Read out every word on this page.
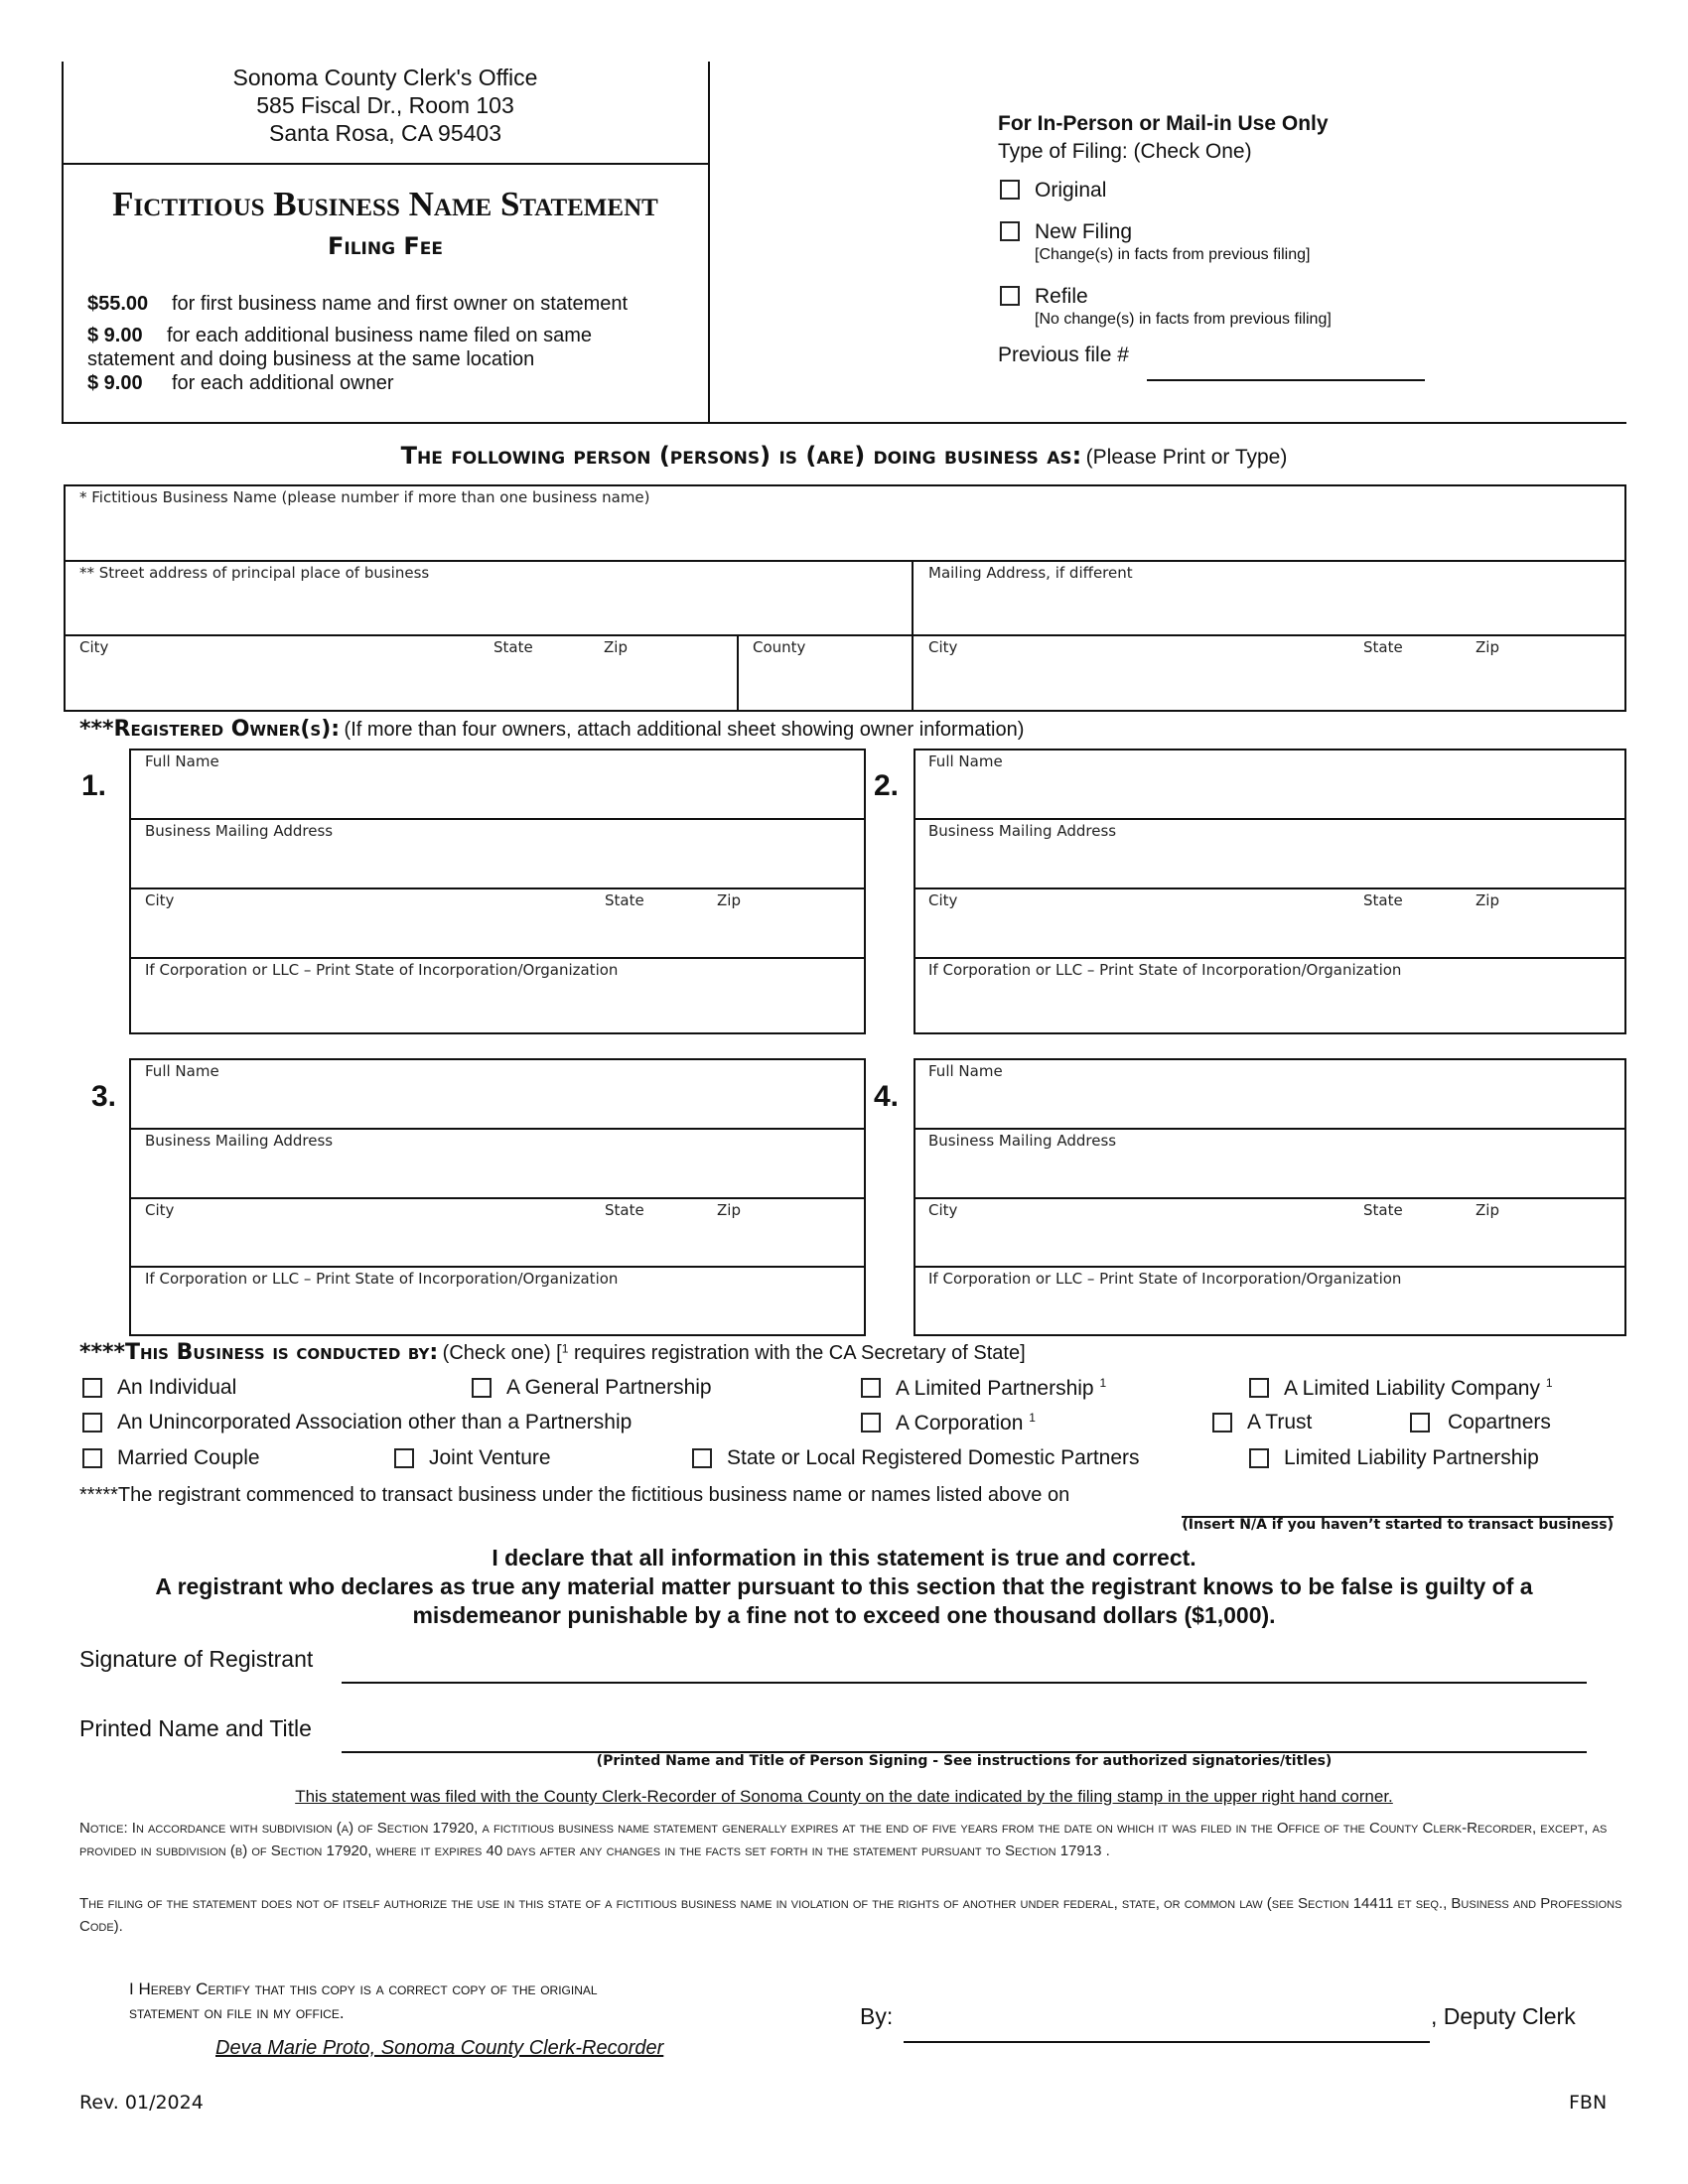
Sonoma County Clerk's Office
585 Fiscal Dr., Room 103
Santa Rosa, CA 95403
Fictitious Business Name Statement
Filing Fee
$55.00 for first business name and first owner on statement
$ 9.00 for each additional business name filed on same
statement and doing business at the same location
$ 9.00 for each additional owner
For In-Person or Mail-in Use Only
Type of Filing: (Check One)
Original
New Filing
[Change(s) in facts from previous filing]
Refile
[No change(s) in facts from previous filing]
Previous file #
The following person (persons) is (are) doing business as: (Please Print or Type)
* Fictitious Business Name (please number if more than one business name)
** Street address of principal place of business	Mailing Address, if different
City	State	Zip	County	City	State	Zip
***Registered Owner(s): (If more than four owners, attach additional sheet showing owner information)
1.
Full Name
Business Mailing Address
City	State	Zip
If Corporation or LLC – Print State of Incorporation/Organization
2.
Full Name
Business Mailing Address
City	State	Zip
If Corporation or LLC – Print State of Incorporation/Organization
3.
Full Name
Business Mailing Address
City	State	Zip
If Corporation or LLC – Print State of Incorporation/Organization
4.
Full Name
Business Mailing Address
City	State	Zip
If Corporation or LLC – Print State of Incorporation/Organization
****This Business is conducted by: (Check one) [$^1$ requires registration with the CA Secretary of State]
An Individual	A General Partnership	A Limited Partnership $^1$	A Limited Liability Company $^1$
An Unincorporated Association other than a Partnership	A Corporation $^1$	A Trust	Copartners
Married Couple	Joint Venture	State or Local Registered Domestic Partners	Limited Liability Partnership
*****The registrant commenced to transact business under the fictitious business name or names listed above on
(Insert N/A if you haven’t started to transact business)
I declare that all information in this statement is true and correct.
A registrant who declares as true any material matter pursuant to this section that the registrant knows to be false is guilty of a
misdemeanor punishable by a fine not to exceed one thousand dollars ($1,000).
Signature of Registrant
Printed Name and Title
(Printed Name and Title of Person Signing - See instructions for authorized signatories/titles)
This statement was filed with the County Clerk-Recorder of Sonoma County on the date indicated by the filing stamp in the upper right hand corner.
Notice: In accordance with subdivision (a) of Section 17920, a fictitious business name statement generally expires at the end of five years from the date on which it was filed in the Office of the County Clerk-Recorder, except, as provided in subdivision (b) of Section 17920, where it expires 40 days after any changes in the facts set forth in the statement pursuant to Section 17913 .
The filing of the statement does not of itself authorize the use in this state of a fictitious business name in violation of the rights of another under federal, state, or common law (see Section 14411 et seq., Business and Professions Code).
I Hereby Certify that this copy is a correct copy of the original
statement on file in my office.
Deva Marie Proto, Sonoma County Clerk-Recorder
By:	, Deputy Clerk
Rev. 01/2024	FBN
